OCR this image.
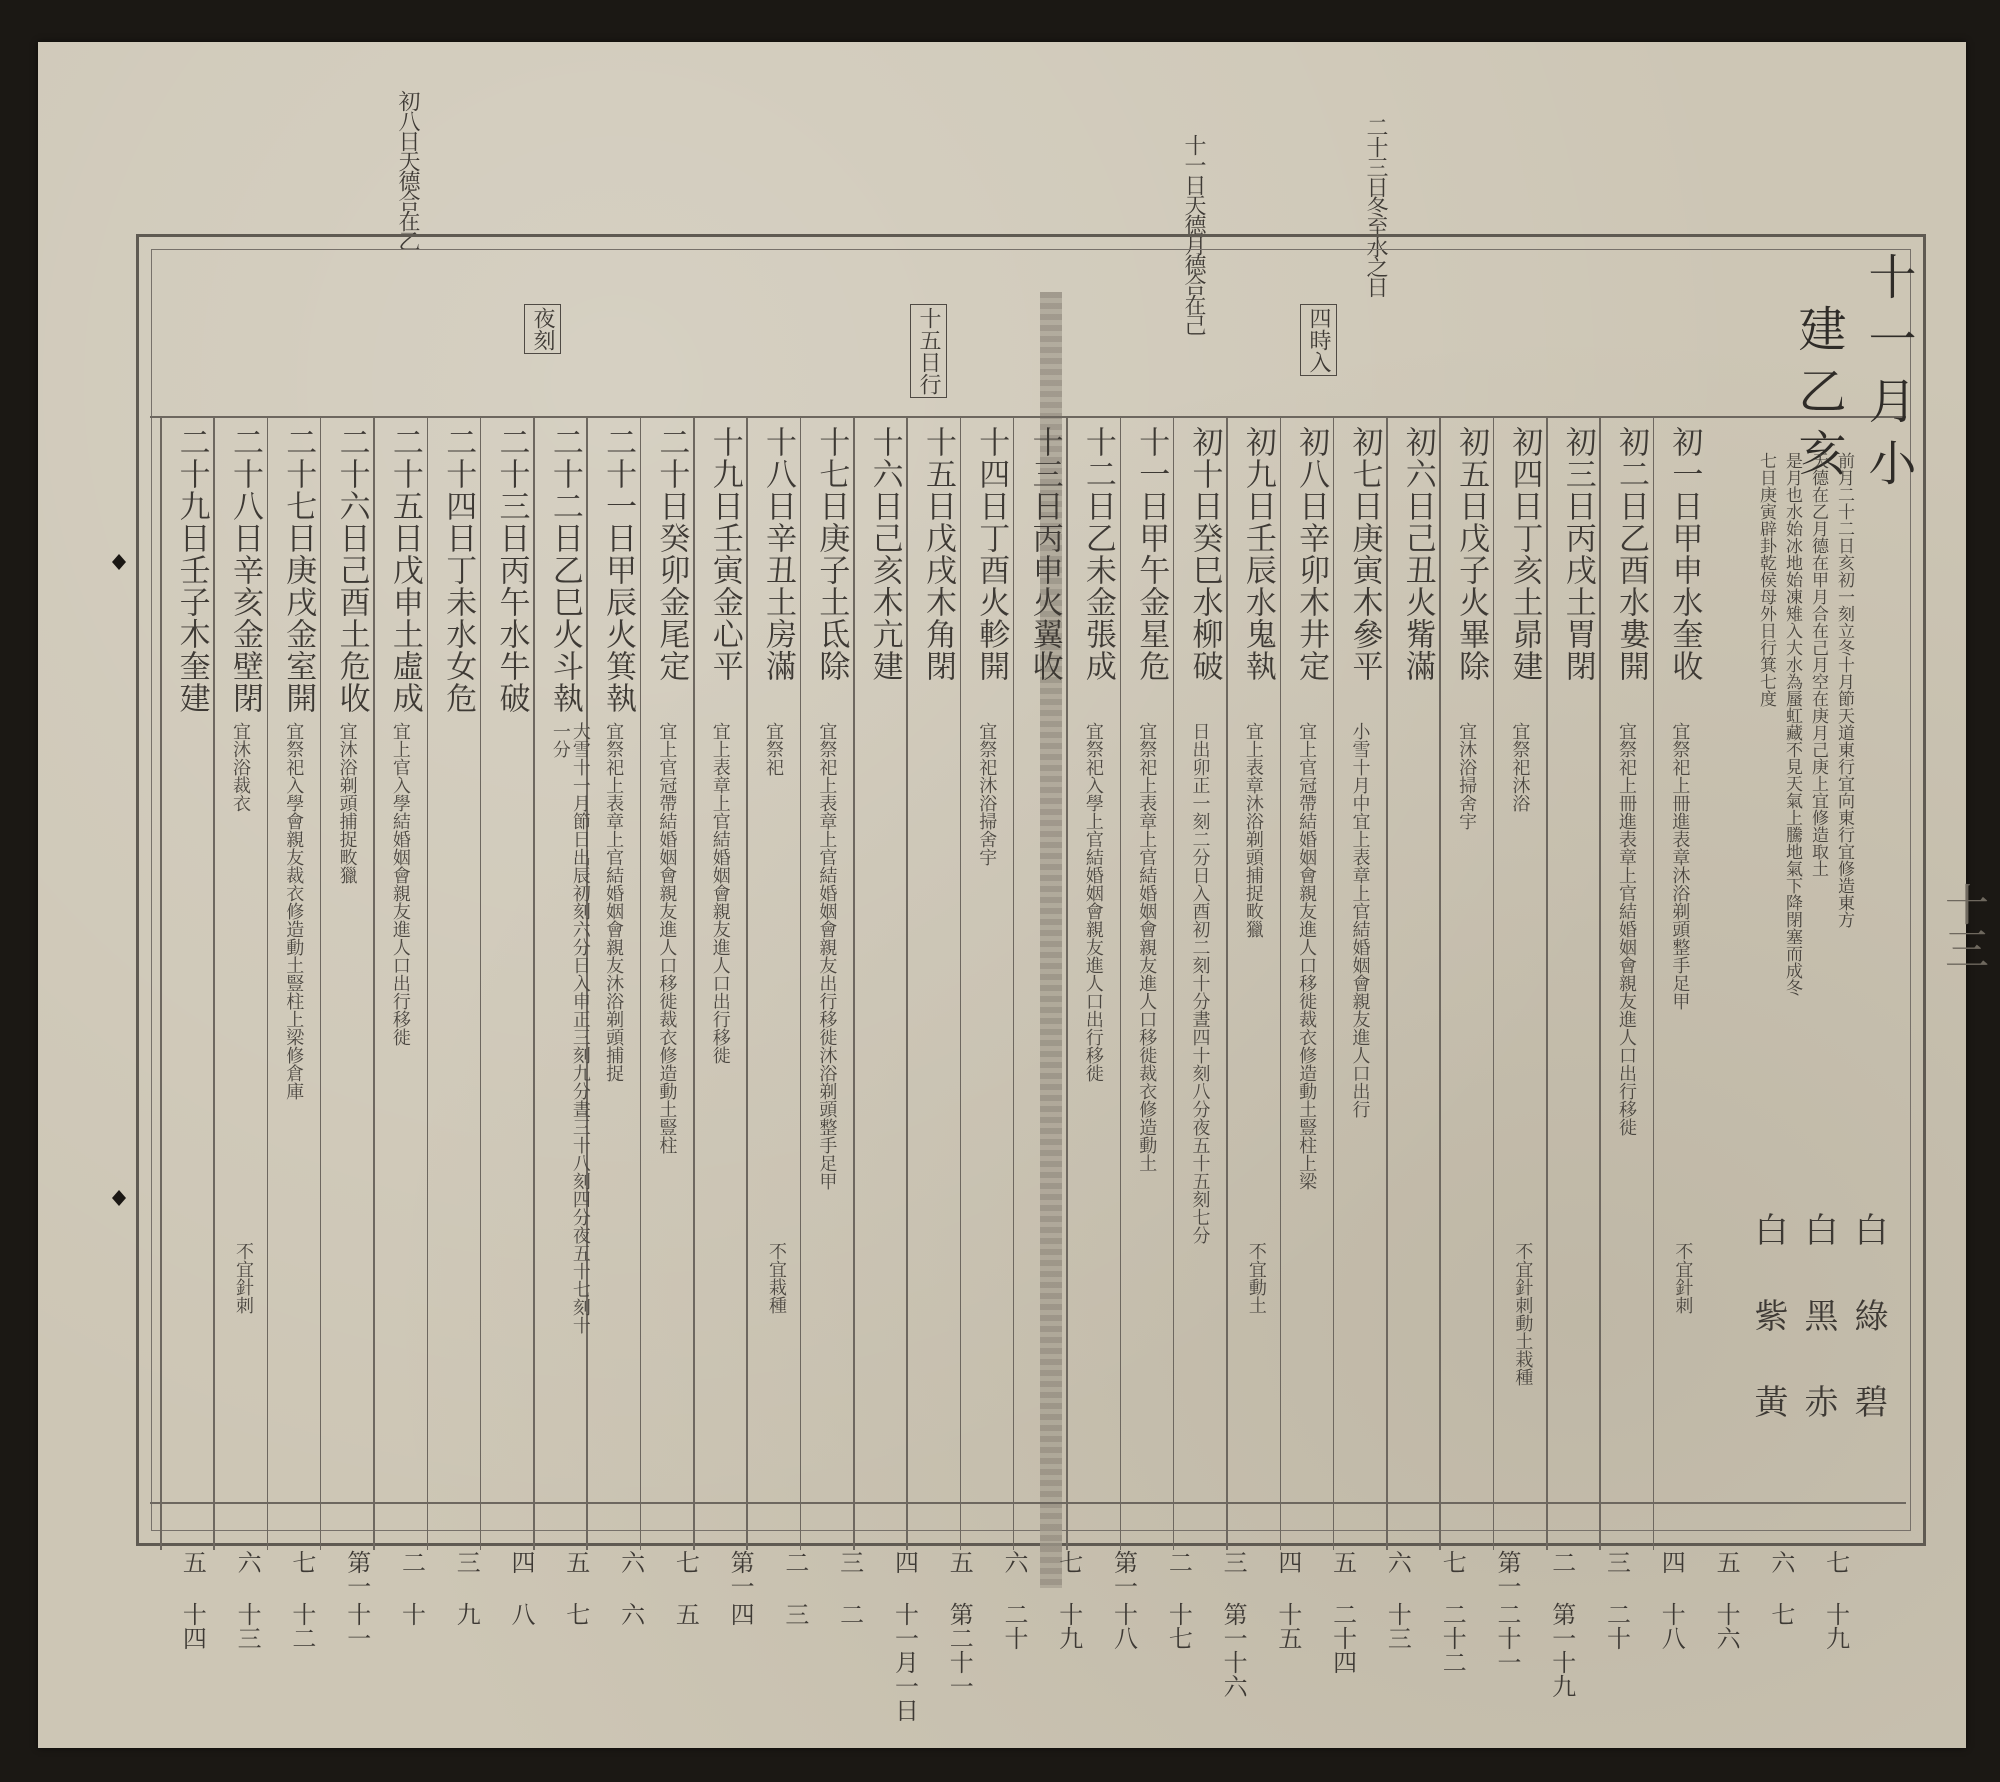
初八日天德合在乙	十一日天德月德合在己	二十三日冬至水之日
十一月小
建乙亥
前月二十二日亥初一刻立冬十月節天道東行宜向東行宜修造東方
天德在乙月德在甲月合在己月空在庚月己庚上宜修造取土
是月也水始冰地始凍雉入大水為蜃虹藏不見天氣上騰地氣下降閉塞而成冬
七日庚寅辟卦乾侯母外日行箕七度
白 綠 碧
白 黑 赤
白 紫 黃
十三
四時入
十五日行
夜刻
初一日甲申水奎收
宜祭祀上冊進表章沐浴剃頭整手足甲
不宜針刺
初二日乙酉水婁開
宜祭祀上冊進表章上官結婚姻會親友進人口出行移徙
初三日丙戌土胃閉
初四日丁亥土昴建
宜祭祀沐浴
不宜針刺動土栽種
初五日戊子火畢除
宜沐浴掃舍宇
初六日己丑火觜滿
初七日庚寅木參平
小雪十月中宜上表章上官結婚姻會親友進人口出行
初八日辛卯木井定
宜上官冠帶結婚姻會親友進人口移徙裁衣修造動土豎柱上梁
初九日壬辰水鬼執
宜上表章沐浴剃頭捕捉畋獵
不宜動土
初十日癸巳水柳破
日出卯正一刻二分日入酉初二刻十分晝四十刻八分夜五十五刻七分
十一日甲午金星危
宜祭祀上表章上官結婚姻會親友進人口移徙裁衣修造動土
十二日乙未金張成
宜祭祀入學上官結婚姻會親友進人口出行移徙
十三日丙申火翼收
十四日丁酉火軫開
宜祭祀沐浴掃舍宇
十五日戊戌木角閉
十六日己亥木亢建
十七日庚子土氐除
宜祭祀上表章上官結婚姻會親友出行移徙沐浴剃頭整手足甲
十八日辛丑土房滿
宜祭祀
不宜栽種
十九日壬寅金心平
宜上表章上官結婚姻會親友進人口出行移徙
二十日癸卯金尾定
宜上官冠帶結婚姻會親友進人口移徙裁衣修造動土豎柱
二十一日甲辰火箕執
宜祭祀上表章上官結婚姻會親友沐浴剃頭捕捉
二十二日乙巳火斗執
大雪十一月節日出辰初刻六分日入申正三刻九分晝三十八刻四分夜五十七刻十一分
二十三日丙午水牛破
二十四日丁未水女危
二十五日戊申土虛成
宜上官入學結婚姻會親友進人口出行移徙
二十六日己酉土危收
宜沐浴剃頭捕捉畋獵
二十七日庚戌金室開
宜祭祀入學會親友裁衣修造動土豎柱上梁修倉庫
二十八日辛亥金壁閉
宜沐浴裁衣
不宜針刺
二十九日壬子木奎建
七
十九
六
七
五
十六
四
十八
三
二十
二
第一十九
第一
二十一
七
二十二
六
十三
五
二十四
四
十五
三
第一十六
二
十七
第一
十八
七
十九
六
二十
五
第二十一
四
十一月一日
三
二
二
三
第一
四
七
五
六
六
五
七
四
八
三
九
二
十
第一
十一
七
十二
六
十三
五
十四
